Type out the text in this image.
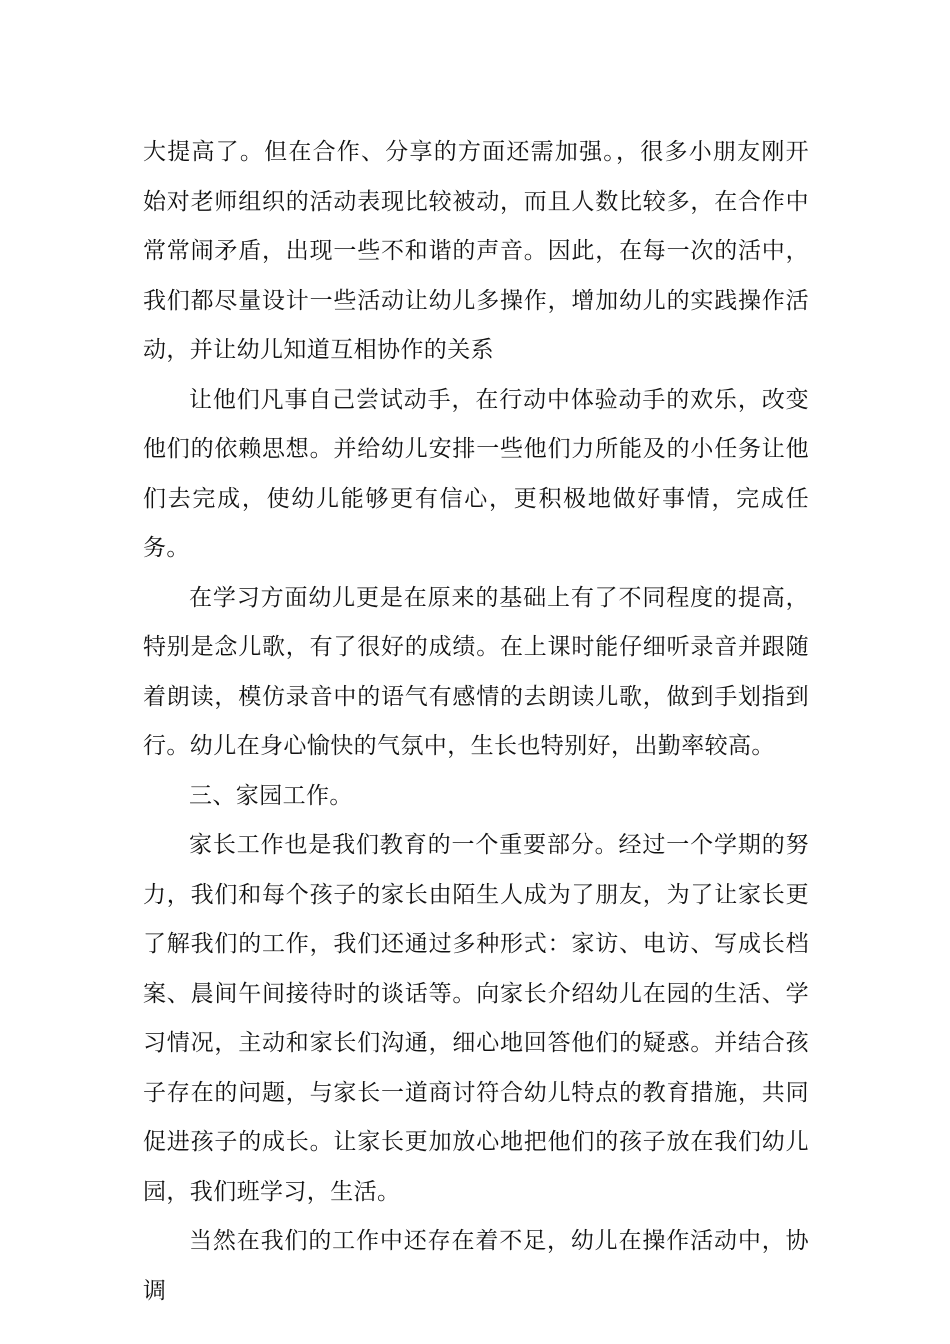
大提高了。但在合作、分享的方面还需加强。，很多小朋友刚开始对老师组织的活动表现比较被动，而且人数比较多，在合作中常常闹矛盾，出现一些不和谐的声音。因此，在每一次的活中，我们都尽量设计一些活动让幼儿多操作，增加幼儿的实践操作活动，并让幼儿知道互相协作的关系

让他们凡事自己尝试动手，在行动中体验动手的欢乐，改变他们的依赖思想。并给幼儿安排一些他们力所能及的小任务让他们去完成，使幼儿能够更有信心，更积极地做好事情，完成任务。

在学习方面幼儿更是在原来的基础上有了不同程度的提高，特别是念儿歌，有了很好的成绩。在上课时能仔细听录音并跟随着朗读，模仿录音中的语气有感情的去朗读儿歌，做到手划指到行。幼儿在身心愉快的气氛中，生长也特别好，出勤率较高。

三、家园工作。

家长工作也是我们教育的一个重要部分。经过一个学期的努力，我们和每个孩子的家长由陌生人成为了朋友，为了让家长更了解我们的工作，我们还通过多种形式：家访、电访、写成长档案、晨间午间接待时的谈话等。向家长介绍幼儿在园的生活、学习情况，主动和家长们沟通，细心地回答他们的疑惑。并结合孩子存在的问题，与家长一道商讨符合幼儿特点的教育措施，共同促进孩子的成长。让家长更加放心地把他们的孩子放在我们幼儿园，我们班学习，生活。

当然在我们的工作中还存在着不足，幼儿在操作活动中，协调
